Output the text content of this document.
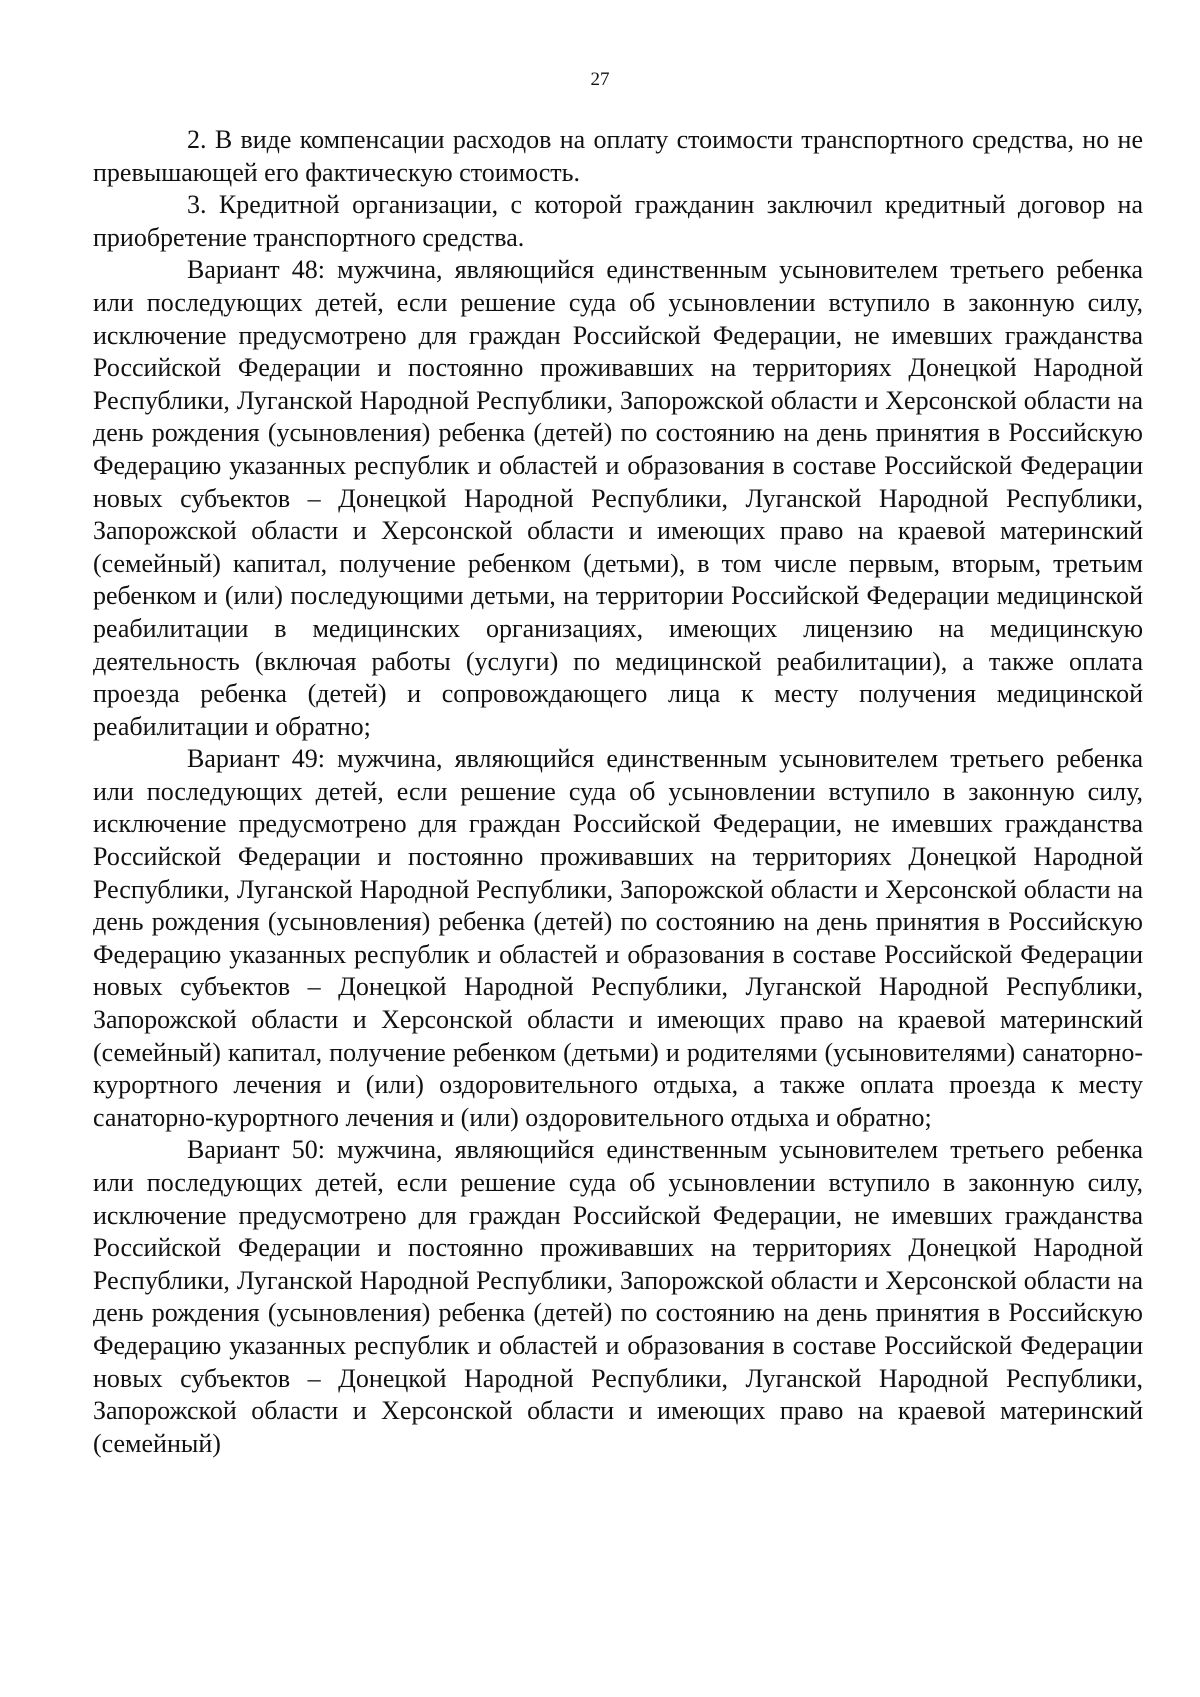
27

2. В виде компенсации расходов на оплату стоимости транспортного средства, но не превышающей его фактическую стоимость.

3. Кредитной организации, с которой гражданин заключил кредитный договор на приобретение транспортного средства.

Вариант 48: мужчина, являющийся единственным усыновителем третьего ребенка или последующих детей, если решение суда об усыновлении вступило в законную силу, исключение предусмотрено для граждан Российской Федерации, не имевших гражданства Российской Федерации и постоянно проживавших на территориях Донецкой Народной Республики, Луганской Народной Республики, Запорожской области и Херсонской области на день рождения (усыновления) ребенка (детей) по состоянию на день принятия в Российскую Федерацию указанных республик и областей и образования в составе Российской Федерации новых субъектов – Донецкой Народной Республики, Луганской Народной Республики, Запорожской области и Херсонской области и имеющих право на краевой материнский (семейный) капитал, получение ребенком (детьми), в том числе первым, вторым, третьим ребенком и (или) последующими детьми, на территории Российской Федерации медицинской реабилитации в медицинских организациях, имеющих лицензию на медицинскую деятельность (включая работы (услуги) по медицинской реабилитации), а также оплата проезда ребенка (детей) и сопровождающего лица к месту получения медицинской реабилитации и обратно;

Вариант 49: мужчина, являющийся единственным усыновителем третьего ребенка или последующих детей, если решение суда об усыновлении вступило в законную силу, исключение предусмотрено для граждан Российской Федерации, не имевших гражданства Российской Федерации и постоянно проживавших на территориях Донецкой Народной Республики, Луганской Народной Республики, Запорожской области и Херсонской области на день рождения (усыновления) ребенка (детей) по состоянию на день принятия в Российскую Федерацию указанных республик и областей и образования в составе Российской Федерации новых субъектов – Донецкой Народной Республики, Луганской Народной Республики, Запорожской области и Херсонской области и имеющих право на краевой материнский (семейный) капитал, получение ребенком (детьми) и родителями (усыновителями) санаторно-курортного лечения и (или) оздоровительного отдыха, а также оплата проезда к месту санаторно-курортного лечения и (или) оздоровительного отдыха и обратно;

Вариант 50: мужчина, являющийся единственным усыновителем третьего ребенка или последующих детей, если решение суда об усыновлении вступило в законную силу, исключение предусмотрено для граждан Российской Федерации, не имевших гражданства Российской Федерации и постоянно проживавших на территориях Донецкой Народной Республики, Луганской Народной Республики, Запорожской области и Херсонской области на день рождения (усыновления) ребенка (детей) по состоянию на день принятия в Российскую Федерацию указанных республик и областей и образования в составе Российской Федерации новых субъектов – Донецкой Народной Республики, Луганской Народной Республики, Запорожской области и Херсонской области и имеющих право на краевой материнский (семейный)
